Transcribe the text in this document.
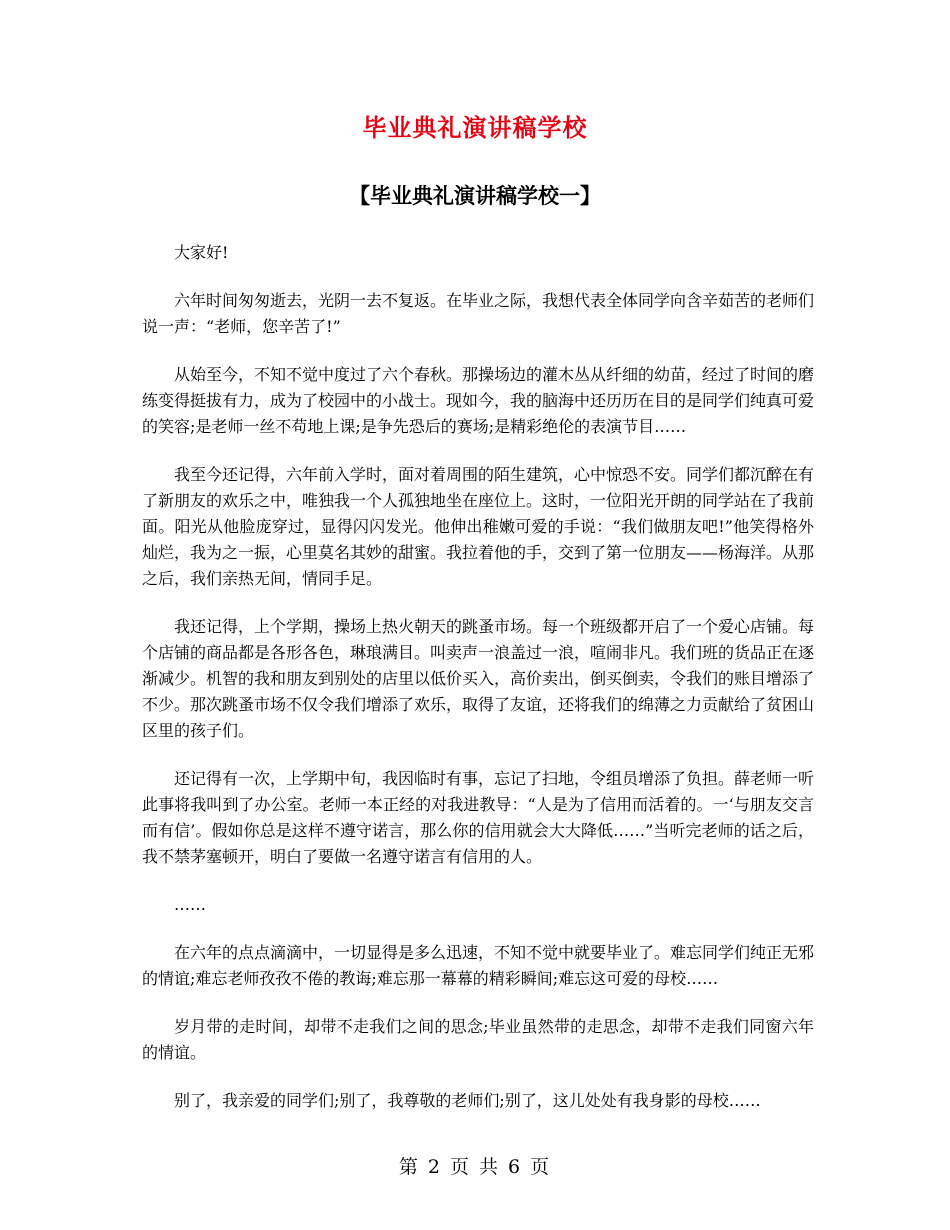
毕业典礼演讲稿学校
【毕业典礼演讲稿学校一】

大家好!

六年时间匆匆逝去，光阴一去不复返。在毕业之际，我想代表全体同学向含辛茹苦的老师们说一声：“老师，您辛苦了!”

从始至今，不知不觉中度过了六个春秋。那操场边的灌木丛从纤细的幼苗，经过了时间的磨练变得挺拔有力，成为了校园中的小战士。现如今，我的脑海中还历历在目的是同学们纯真可爱的笑容;是老师一丝不苟地上课;是争先恐后的赛场;是精彩绝伦的表演节目……

我至今还记得，六年前入学时，面对着周围的陌生建筑，心中惊恐不安。同学们都沉醉在有了新朋友的欢乐之中，唯独我一个人孤独地坐在座位上。这时，一位阳光开朗的同学站在了我前面。阳光从他脸庞穿过，显得闪闪发光。他伸出稚嫩可爱的手说：“我们做朋友吧!”他笑得格外灿烂，我为之一振，心里莫名其妙的甜蜜。我拉着他的手，交到了第一位朋友——杨海洋。从那之后，我们亲热无间，情同手足。

我还记得，上个学期，操场上热火朝天的跳蚤市场。每一个班级都开启了一个爱心店铺。每个店铺的商品都是各形各色，琳琅满目。叫卖声一浪盖过一浪，喧闹非凡。我们班的货品正在逐渐减少。机智的我和朋友到别处的店里以低价买入，高价卖出，倒买倒卖，令我们的账目增添了不少。那次跳蚤市场不仅令我们增添了欢乐，取得了友谊，还将我们的绵薄之力贡献给了贫困山区里的孩子们。

还记得有一次，上学期中旬，我因临时有事，忘记了扫地，令组员增添了负担。薛老师一听此事将我叫到了办公室。老师一本正经的对我进教导：“人是为了信用而活着的。一‘与朋友交言而有信’。假如你总是这样不遵守诺言，那么你的信用就会大大降低……”当听完老师的话之后，我不禁茅塞顿开，明白了要做一名遵守诺言有信用的人。

……

在六年的点点滴滴中，一切显得是多么迅速，不知不觉中就要毕业了。难忘同学们纯正无邪的情谊;难忘老师孜孜不倦的教诲;难忘那一幕幕的精彩瞬间;难忘这可爱的母校……

岁月带的走时间，却带不走我们之间的思念;毕业虽然带的走思念，却带不走我们同窗六年的情谊。

别了，我亲爱的同学们;别了，我尊敬的老师们;别了，这儿处处有我身影的母校……

第 2 页 共 6 页
